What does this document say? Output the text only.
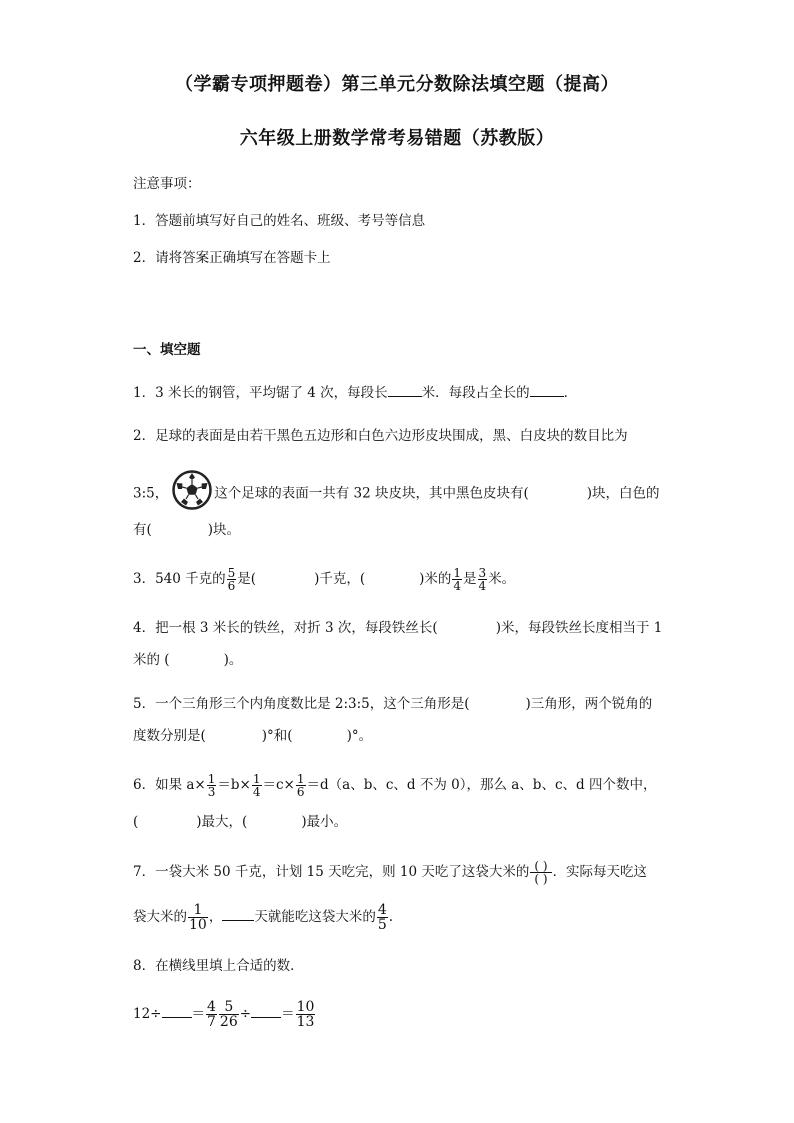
（学霸专项押题卷）第三单元分数除法填空题（提高）
六年级上册数学常考易错题（苏教版）
注意事项：
1．答题前填写好自己的姓名、班级、考号等信息
2．请将答案正确填写在答题卡上
一、填空题
1．3 米长的钢管，平均锯了 4 次，每段长	米．每段占全长的	．
2．足球的表面是由若干黑色五边形和白色六边形皮块围成，黑、白皮块的数目比为
3:5，	这个足球的表面一共有 32 块皮块，其中黑色皮块有(	)块，白色的
有(	)块。
3．540 千克的 $\frac{5}{6}$ 是(	)千克，(	)米的 $\frac{1}{4}$ 是 $\frac{3}{4}$ 米。
4．把一根 3 米长的铁丝，对折 3 次，每段铁丝长(	)米，每段铁丝长度相当于 1
米的 (	)。
5．一个三角形三个内角度数比是 2:3:5，这个三角形是(	)三角形，两个锐角的
度数分别是(	)°和(	)°。
6．如果 $a\times \frac{1}{3} =b\times \frac{1}{4} =c\times \frac{1}{6} =d(a$、b、c、d 不为 0），那么 a、b、c、d 四个数中，
(	)最大，(	)最小。
7．一袋大米 50 千克，计划 15 天吃完，则 10 天吃了这袋大米的 $\frac{( )}{( )}$ ．实际每天吃这
袋大米的 $\frac{1}{10}$ ， 天就能吃这袋大米的 $\frac{4}{5}$ .
8．在横线里填上合适的数．
$12\div = \frac{4}{7} \frac{5}{26}$ ÷ ＝ $\frac{10}{13}$
